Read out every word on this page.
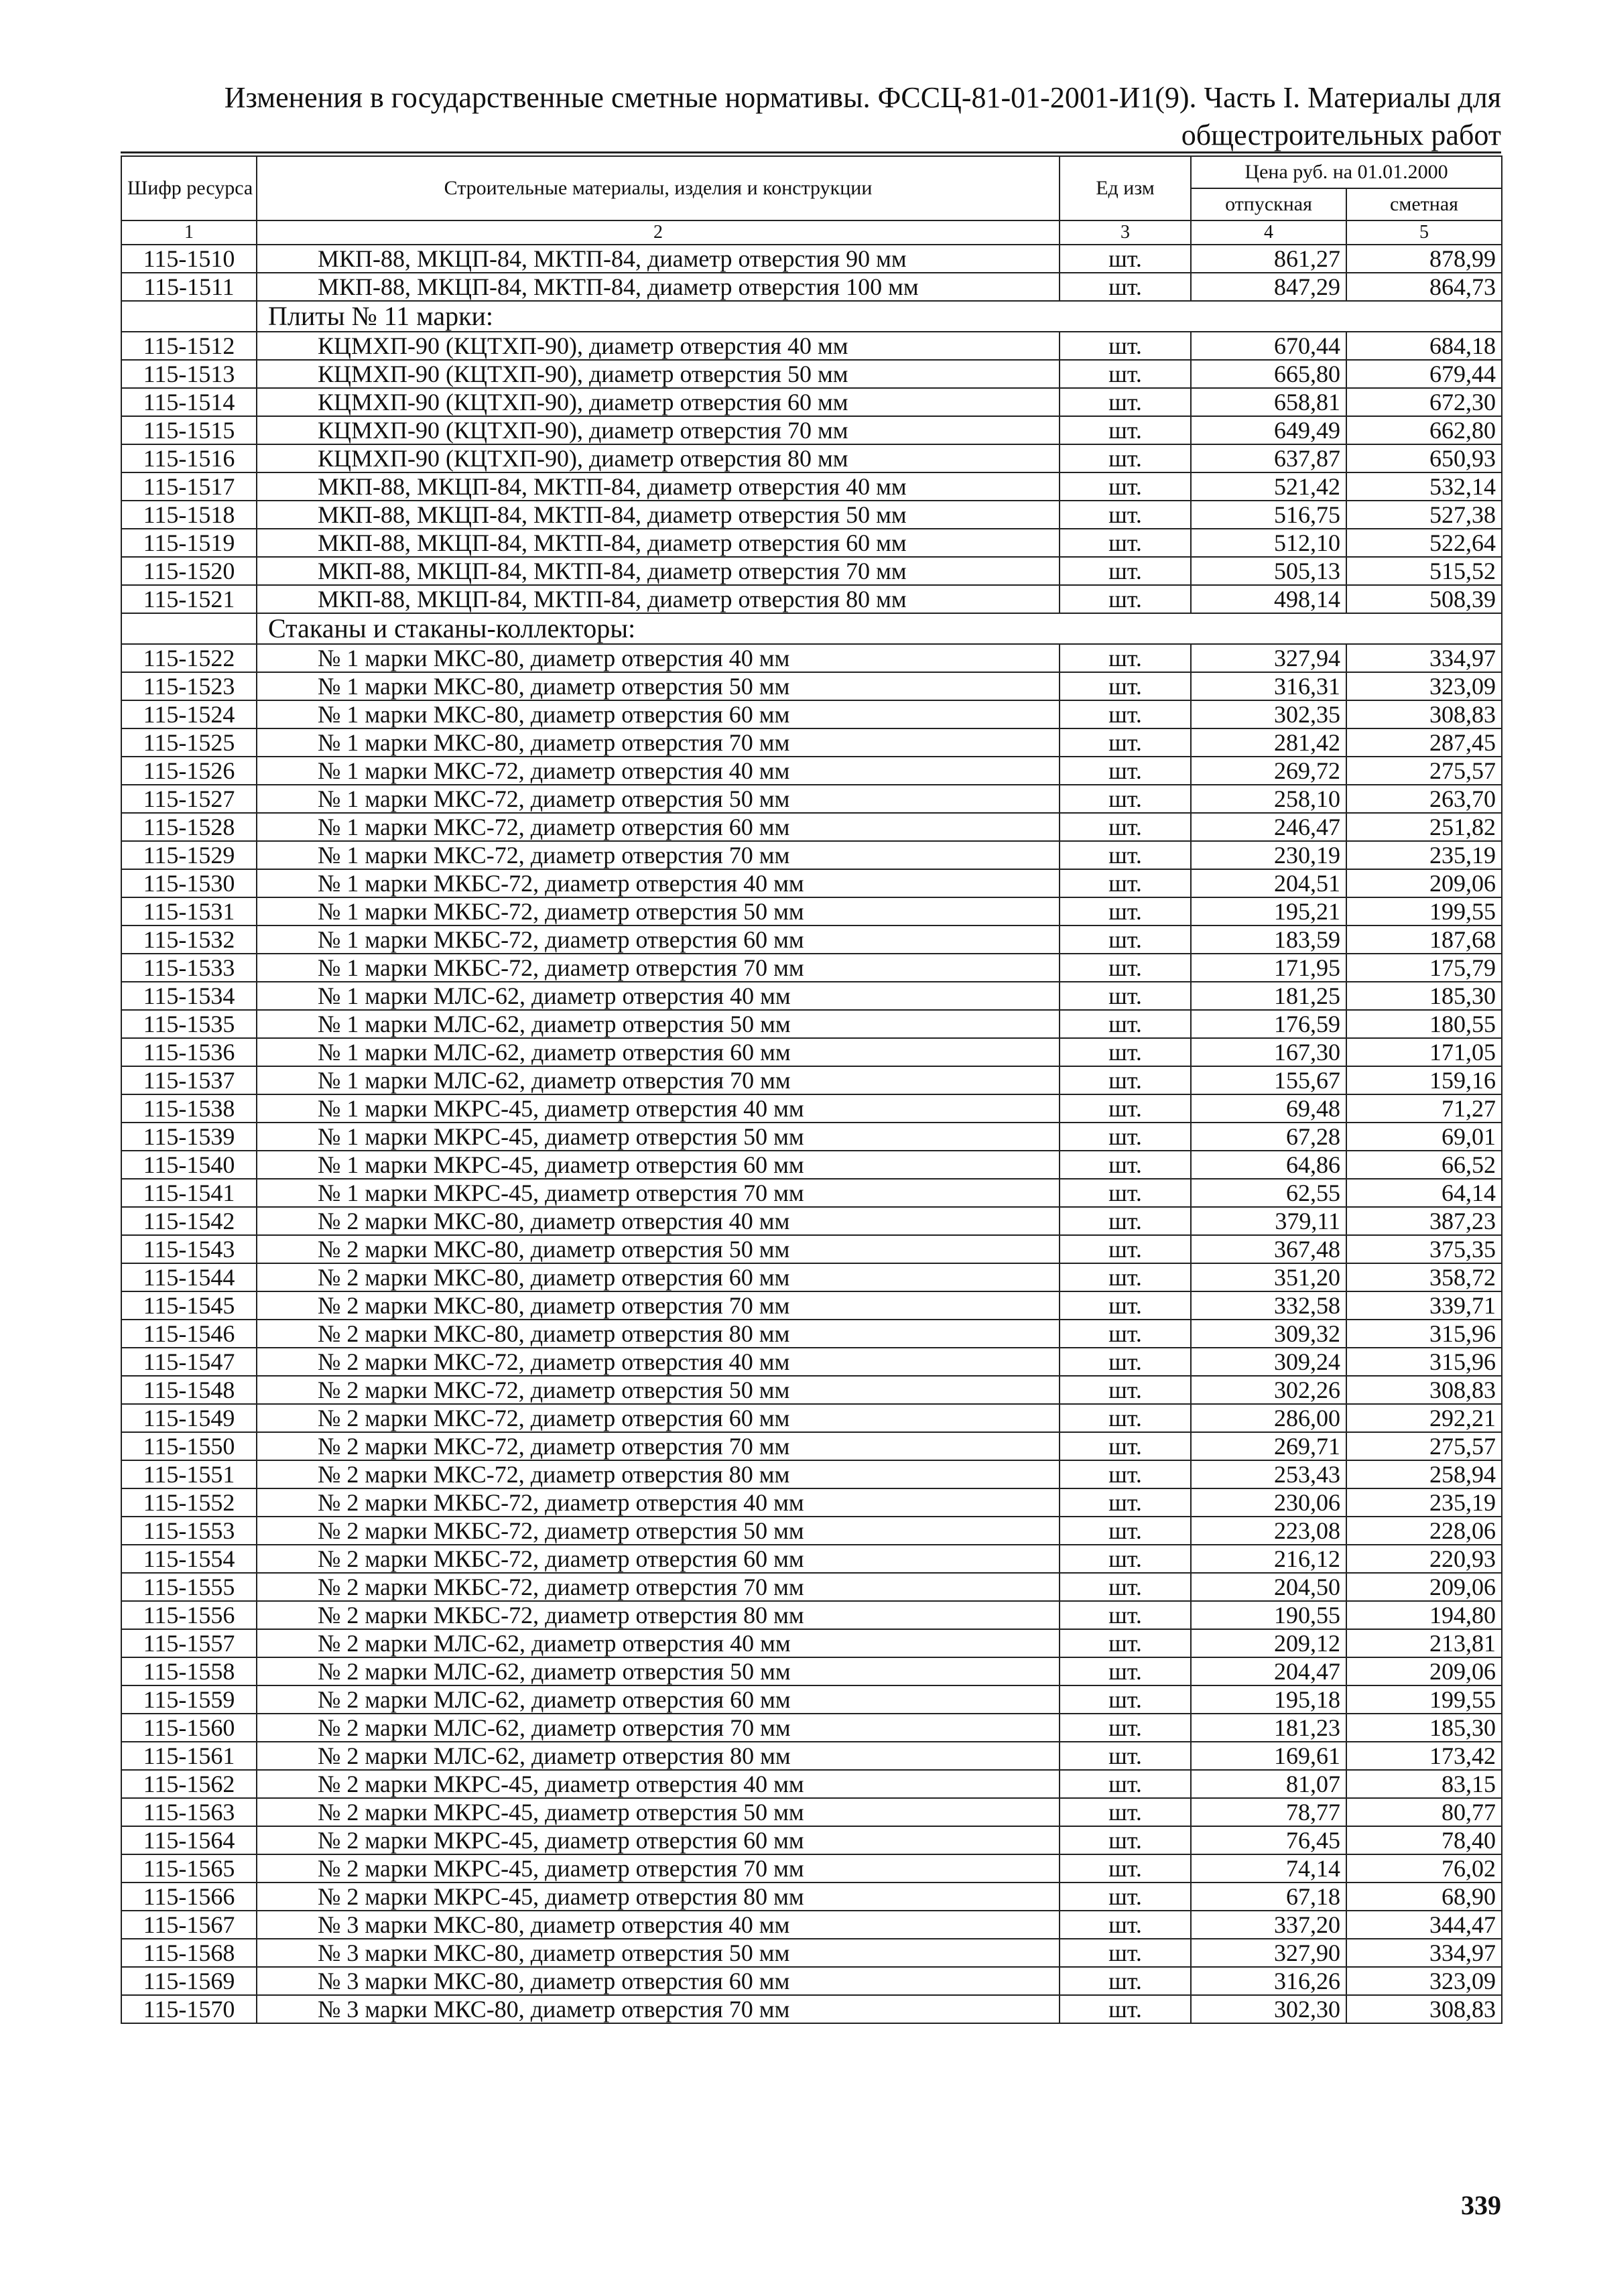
Изменения в государственные сметные нормативы. ФССЦ-81-01-2001-И1(9). Часть I. Материалы для
общестроительных работ
Шифр ресурса	Строительные материалы, изделия и конструкции	Ед изм	Цена руб. на 01.01.2000	
			отпускная	сметная
1	2	3	4	5
115-1510	МКП-88, МКЦП-84, МКТП-84, диаметр отверстия 90 мм	шт.	861,27	878,99
115-1511	МКП-88, МКЦП-84, МКТП-84, диаметр отверстия 100 мм	шт.	847,29	864,73
	Плиты № 11 марки:			
115-1512	КЦМХП-90 (КЦТХП-90), диаметр отверстия 40 мм	шт.	670,44	684,18
115-1513	КЦМХП-90 (КЦТХП-90), диаметр отверстия 50 мм	шт.	665,80	679,44
115-1514	КЦМХП-90 (КЦТХП-90), диаметр отверстия 60 мм	шт.	658,81	672,30
115-1515	КЦМХП-90 (КЦТХП-90), диаметр отверстия 70 мм	шт.	649,49	662,80
115-1516	КЦМХП-90 (КЦТХП-90), диаметр отверстия 80 мм	шт.	637,87	650,93
115-1517	МКП-88, МКЦП-84, МКТП-84, диаметр отверстия 40 мм	шт.	521,42	532,14
115-1518	МКП-88, МКЦП-84, МКТП-84, диаметр отверстия 50 мм	шт.	516,75	527,38
115-1519	МКП-88, МКЦП-84, МКТП-84, диаметр отверстия 60 мм	шт.	512,10	522,64
115-1520	МКП-88, МКЦП-84, МКТП-84, диаметр отверстия 70 мм	шт.	505,13	515,52
115-1521	МКП-88, МКЦП-84, МКТП-84, диаметр отверстия 80 мм	шт.	498,14	508,39
	Стаканы и стаканы-коллекторы:			
115-1522	№ 1 марки МКС-80, диаметр отверстия 40 мм	шт.	327,94	334,97
115-1523	№ 1 марки МКС-80, диаметр отверстия 50 мм	шт.	316,31	323,09
115-1524	№ 1 марки МКС-80, диаметр отверстия 60 мм	шт.	302,35	308,83
115-1525	№ 1 марки МКС-80, диаметр отверстия 70 мм	шт.	281,42	287,45
115-1526	№ 1 марки МКС-72, диаметр отверстия 40 мм	шт.	269,72	275,57
115-1527	№ 1 марки МКС-72, диаметр отверстия 50 мм	шт.	258,10	263,70
115-1528	№ 1 марки МКС-72, диаметр отверстия 60 мм	шт.	246,47	251,82
115-1529	№ 1 марки МКС-72, диаметр отверстия 70 мм	шт.	230,19	235,19
115-1530	№ 1 марки МКБС-72, диаметр отверстия 40 мм	шт.	204,51	209,06
115-1531	№ 1 марки МКБС-72, диаметр отверстия 50 мм	шт.	195,21	199,55
115-1532	№ 1 марки МКБС-72, диаметр отверстия 60 мм	шт.	183,59	187,68
115-1533	№ 1 марки МКБС-72, диаметр отверстия 70 мм	шт.	171,95	175,79
115-1534	№ 1 марки МЛС-62, диаметр отверстия 40 мм	шт.	181,25	185,30
115-1535	№ 1 марки МЛС-62, диаметр отверстия 50 мм	шт.	176,59	180,55
115-1536	№ 1 марки МЛС-62, диаметр отверстия 60 мм	шт.	167,30	171,05
115-1537	№ 1 марки МЛС-62, диаметр отверстия 70 мм	шт.	155,67	159,16
115-1538	№ 1 марки МКРС-45, диаметр отверстия 40 мм	шт.	69,48	71,27
115-1539	№ 1 марки МКРС-45, диаметр отверстия 50 мм	шт.	67,28	69,01
115-1540	№ 1 марки МКРС-45, диаметр отверстия 60 мм	шт.	64,86	66,52
115-1541	№ 1 марки МКРС-45, диаметр отверстия 70 мм	шт.	62,55	64,14
115-1542	№ 2 марки МКС-80, диаметр отверстия 40 мм	шт.	379,11	387,23
115-1543	№ 2 марки МКС-80, диаметр отверстия 50 мм	шт.	367,48	375,35
115-1544	№ 2 марки МКС-80, диаметр отверстия 60 мм	шт.	351,20	358,72
115-1545	№ 2 марки МКС-80, диаметр отверстия 70 мм	шт.	332,58	339,71
115-1546	№ 2 марки МКС-80, диаметр отверстия 80 мм	шт.	309,32	315,96
115-1547	№ 2 марки МКС-72, диаметр отверстия 40 мм	шт.	309,24	315,96
115-1548	№ 2 марки МКС-72, диаметр отверстия 50 мм	шт.	302,26	308,83
115-1549	№ 2 марки МКС-72, диаметр отверстия 60 мм	шт.	286,00	292,21
115-1550	№ 2 марки МКС-72, диаметр отверстия 70 мм	шт.	269,71	275,57
115-1551	№ 2 марки МКС-72, диаметр отверстия 80 мм	шт.	253,43	258,94
115-1552	№ 2 марки МКБС-72, диаметр отверстия 40 мм	шт.	230,06	235,19
115-1553	№ 2 марки МКБС-72, диаметр отверстия 50 мм	шт.	223,08	228,06
115-1554	№ 2 марки МКБС-72, диаметр отверстия 60 мм	шт.	216,12	220,93
115-1555	№ 2 марки МКБС-72, диаметр отверстия 70 мм	шт.	204,50	209,06
115-1556	№ 2 марки МКБС-72, диаметр отверстия 80 мм	шт.	190,55	194,80
115-1557	№ 2 марки МЛС-62, диаметр отверстия 40 мм	шт.	209,12	213,81
115-1558	№ 2 марки МЛС-62, диаметр отверстия 50 мм	шт.	204,47	209,06
115-1559	№ 2 марки МЛС-62, диаметр отверстия 60 мм	шт.	195,18	199,55
115-1560	№ 2 марки МЛС-62, диаметр отверстия 70 мм	шт.	181,23	185,30
115-1561	№ 2 марки МЛС-62, диаметр отверстия 80 мм	шт.	169,61	173,42
115-1562	№ 2 марки МКРС-45, диаметр отверстия 40 мм	шт.	81,07	83,15
115-1563	№ 2 марки МКРС-45, диаметр отверстия 50 мм	шт.	78,77	80,77
115-1564	№ 2 марки МКРС-45, диаметр отверстия 60 мм	шт.	76,45	78,40
115-1565	№ 2 марки МКРС-45, диаметр отверстия 70 мм	шт.	74,14	76,02
115-1566	№ 2 марки МКРС-45, диаметр отверстия 80 мм	шт.	67,18	68,90
115-1567	№ 3 марки МКС-80, диаметр отверстия 40 мм	шт.	337,20	344,47
115-1568	№ 3 марки МКС-80, диаметр отверстия 50 мм	шт.	327,90	334,97
115-1569	№ 3 марки МКС-80, диаметр отверстия 60 мм	шт.	316,26	323,09
115-1570	№ 3 марки МКС-80, диаметр отверстия 70 мм	шт.	302,30	308,83
339
